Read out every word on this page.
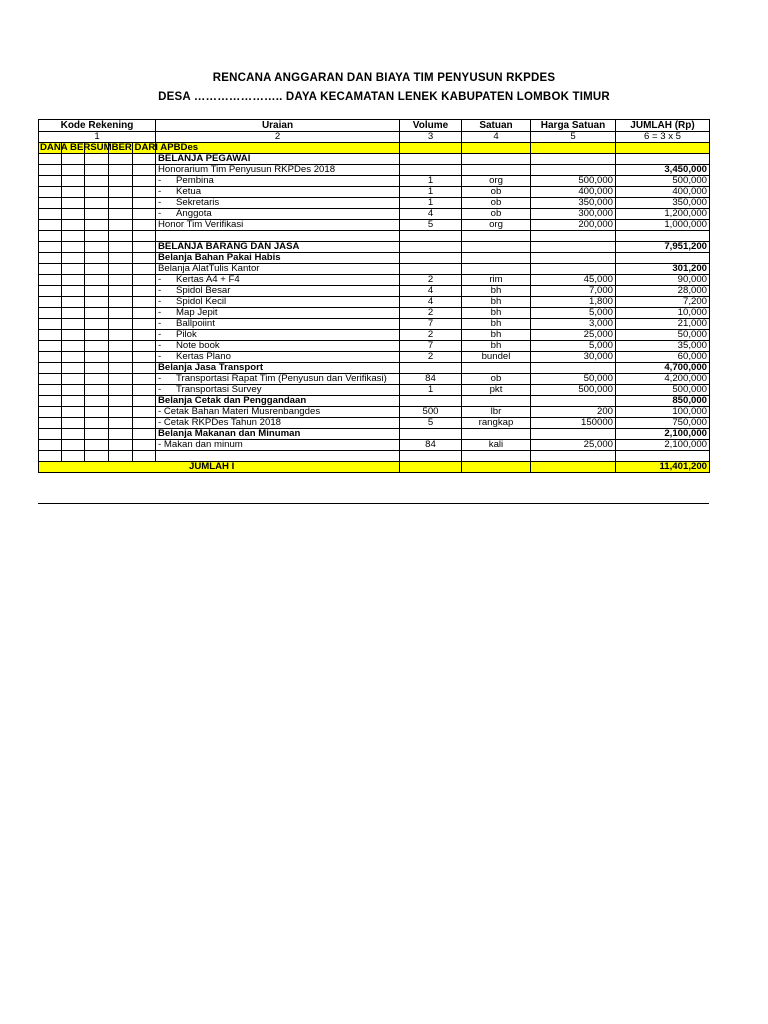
RENCANA ANGGARAN DAN BIAYA TIM PENYUSUN RKPDES
DESA ………………….. DAYA KECAMATAN LENEK KABUPATEN LOMBOK TIMUR
Kode Rekening					Uraian	Volume	Satuan	Harga Satuan	JUMLAH (Rp)
1					2	3	4	5	6 = 3 x 5

DANA BERSUMBER DARI APBDes									

					BELANJA PEGAWAI				
					Honorarium Tim Penyusun RKPDes 2018				3,450,000
					- Pembina	1	org	500,000	500,000
					- Ketua	1	ob	400,000	400,000
					- Sekretaris	1	ob	350,000	350,000
					- Anggota	4	ob	300,000	1,200,000
					Honor Tim Verifikasi	5	org	200,000	1,000,000

					BELANJA BARANG DAN JASA				7,951,200
					Belanja Bahan Pakai Habis				
					Belanja AlatTulis Kantor				301,200
					- Kertas A4 + F4	2	rim	45,000	90,000
					- Spidol Besar	4	bh	7,000	28,000
					- Spidol Kecil	4	bh	1,800	7,200
					- Map Jepit	2	bh	5,000	10,000
					- Ballpoiint	7	bh	3,000	21,000
					- Pilok	2	bh	25,000	50,000
					- Note book	7	bh	5,000	35,000
					- Kertas Plano	2	bundel	30,000	60,000
					Belanja Jasa Transport				4,700,000
					- Transportasi Rapat Tim (Penyusun dan Verifikasi)	84	ob	50,000	4,200,000
					- Transportasi Survey	1	pkt	500,000	500,000
					Belanja Cetak dan Penggandaan				850,000
					- Cetak Bahan Materi Musrenbangdes	500	lbr	200	100,000
					- Cetak RKPDes Tahun 2018	5	rangkap	150000	750,000
					Belanja Makanan dan Minuman				2,100,000
					- Makan dan minum	84	kali	25,000	2,100,000

JUMLAH I									11,401,200
